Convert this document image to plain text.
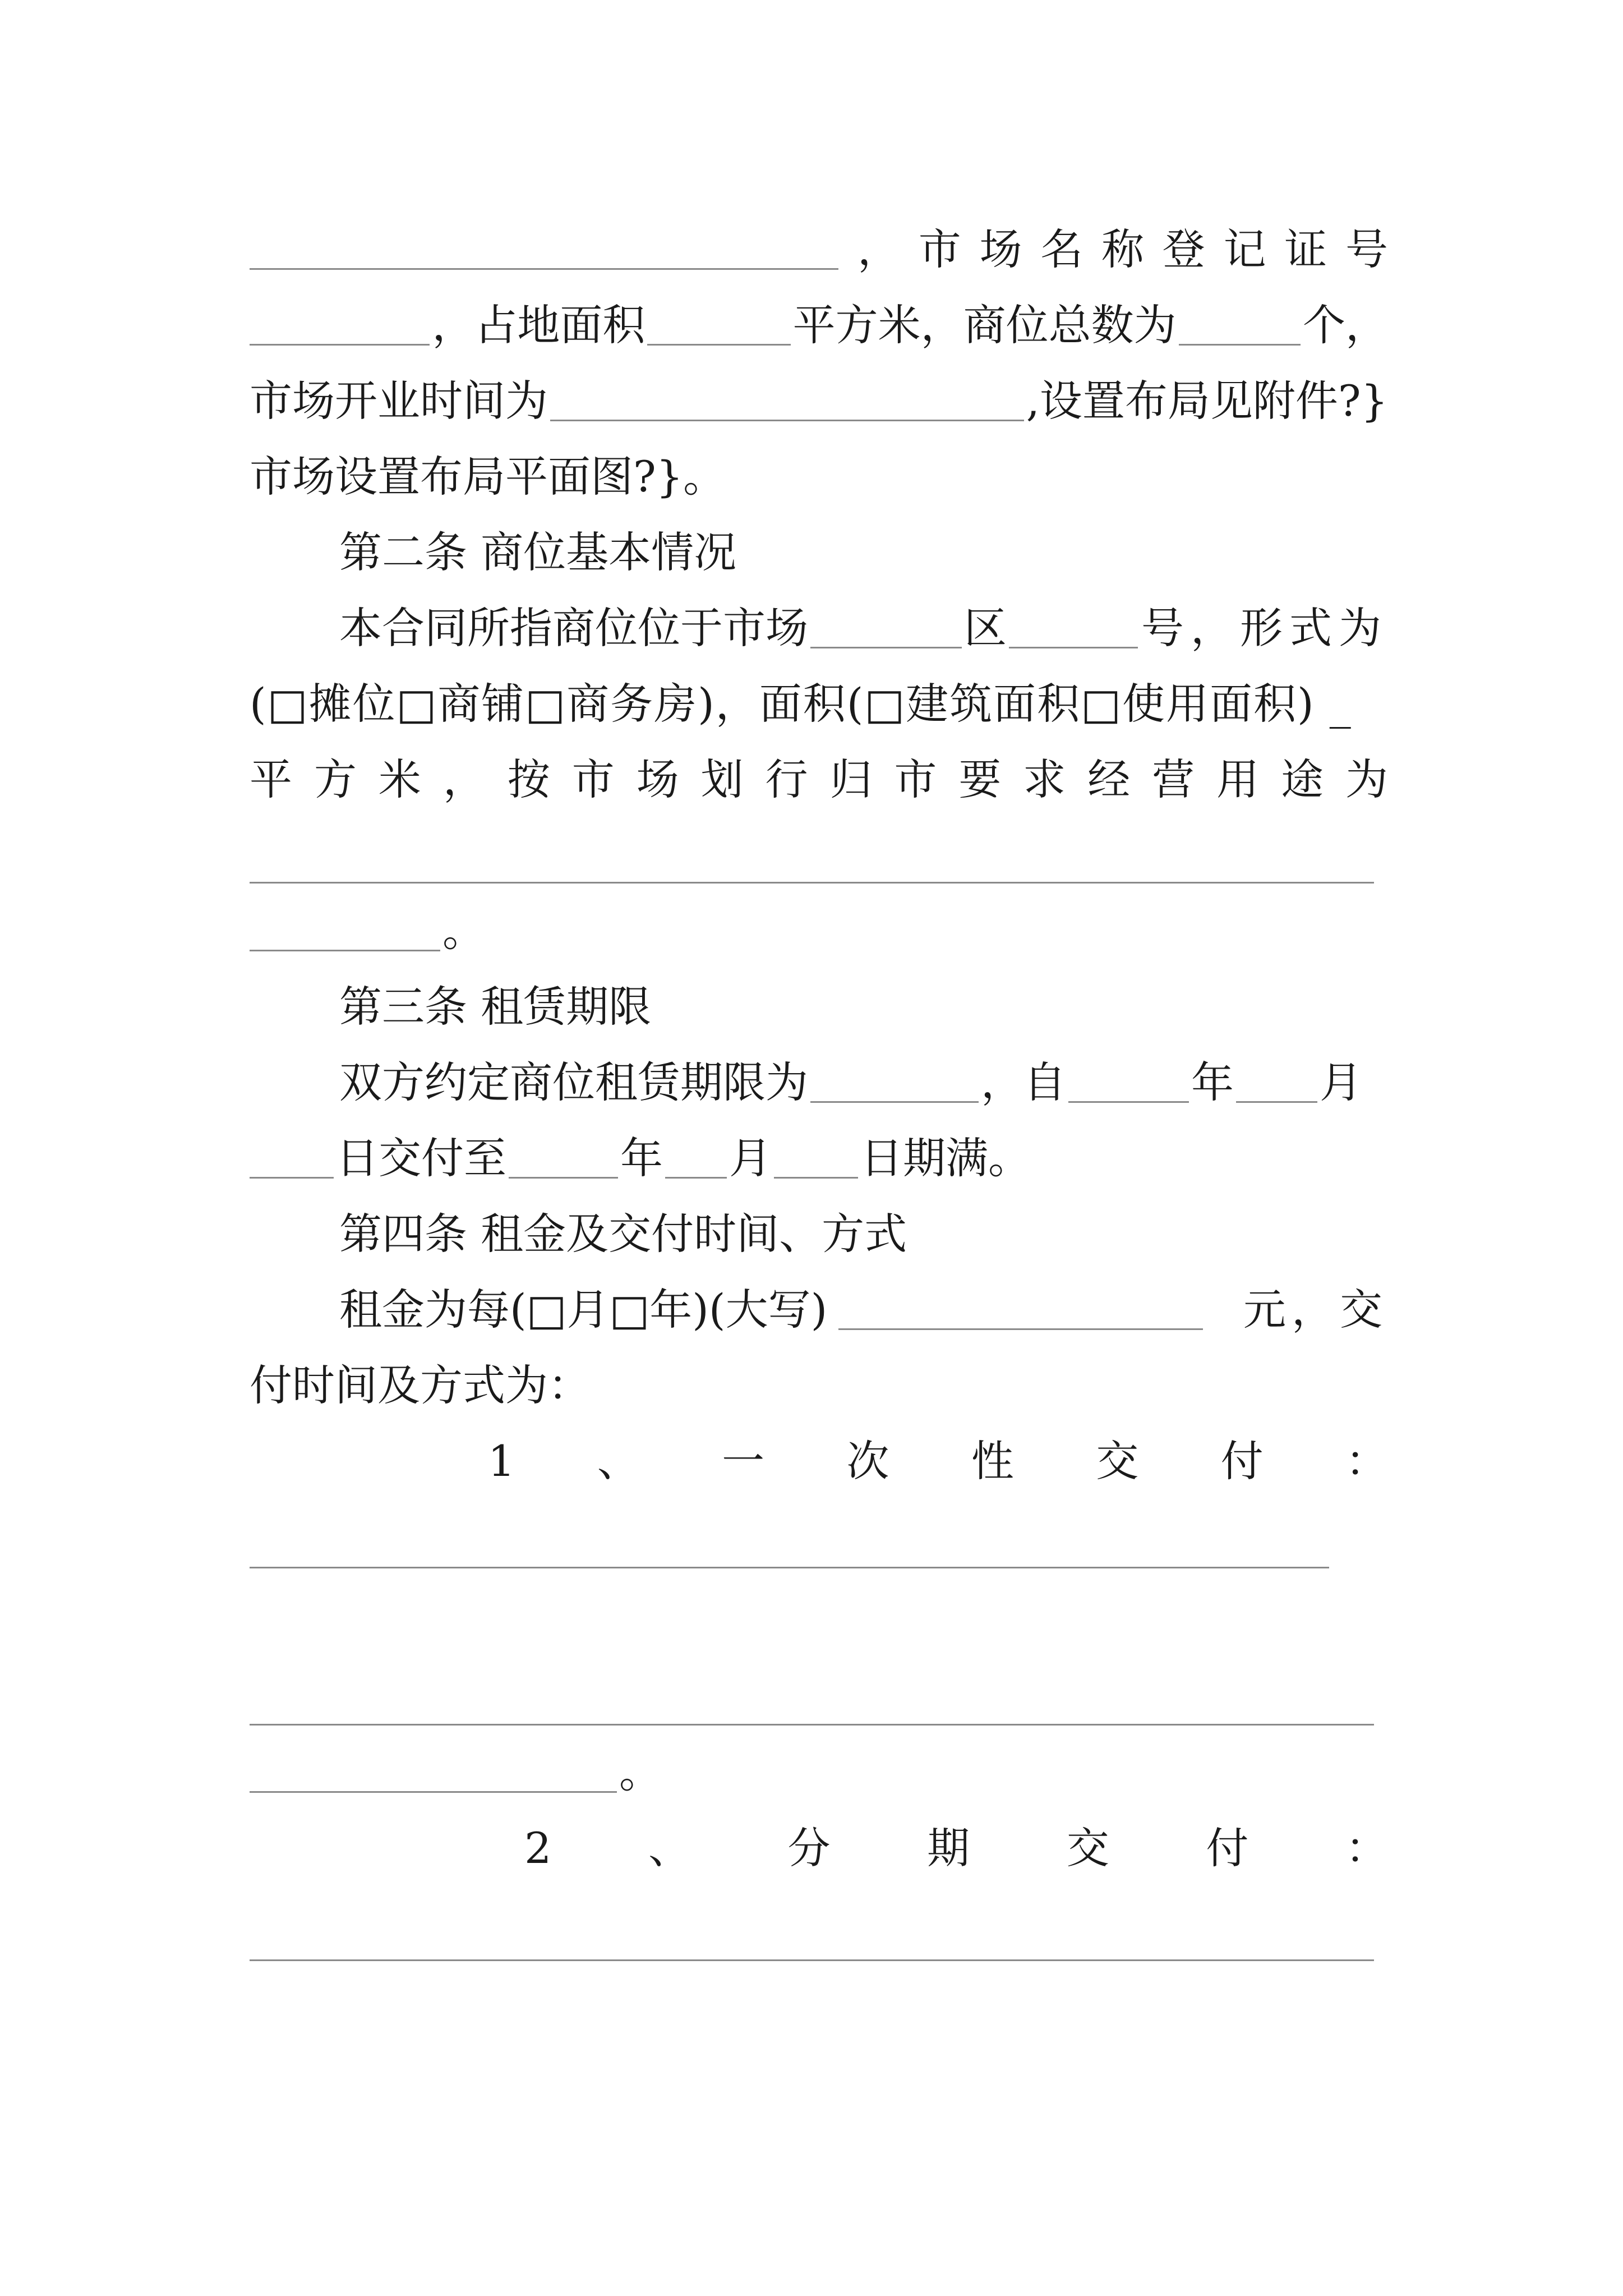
， 市 场 名 称 登 记 证 号
，占地面积	平方米，商位总数为	个，
市场开业时间为	,设置布局见附件?}
市场设置布局平面图?}。
第二条 商位基本情况
本合同所指商位位于市场	区	号，形式为
(□摊位□商铺□商务房)，面积(□建筑面积□使用面积) _
平 方 米 ， 按 市 场 划 行 归 市 要 求 经 营 用 途 为
。
第三条 租赁期限
双方约定商位租赁期限为	，自	年 月
日交付至	年 月 日期满。
第四条 租金及交付时间、方式
租金为每(□月□年)(大写)	元，交
付时间及方式为：
1 、 一 次 性 交 付 ：
。
2 、 分 期 交 付 ：
